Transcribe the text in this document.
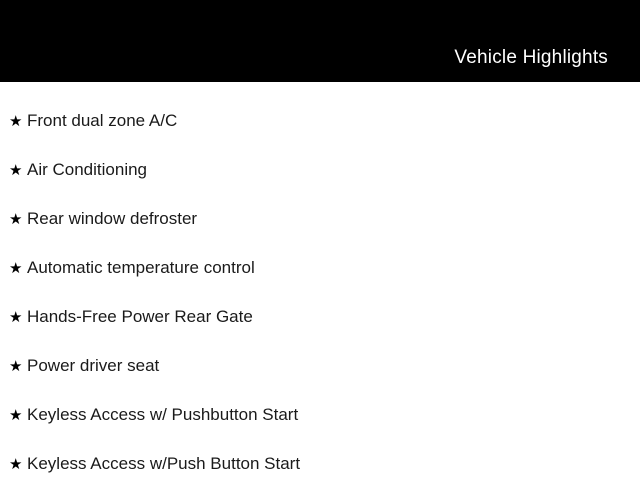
Vehicle Highlights
★ Front dual zone A/C
★ Air Conditioning
★ Rear window defroster
★ Automatic temperature control
★ Hands-Free Power Rear Gate
★ Power driver seat
★ Keyless Access w/ Pushbutton Start
★ Keyless Access w/Push Button Start
